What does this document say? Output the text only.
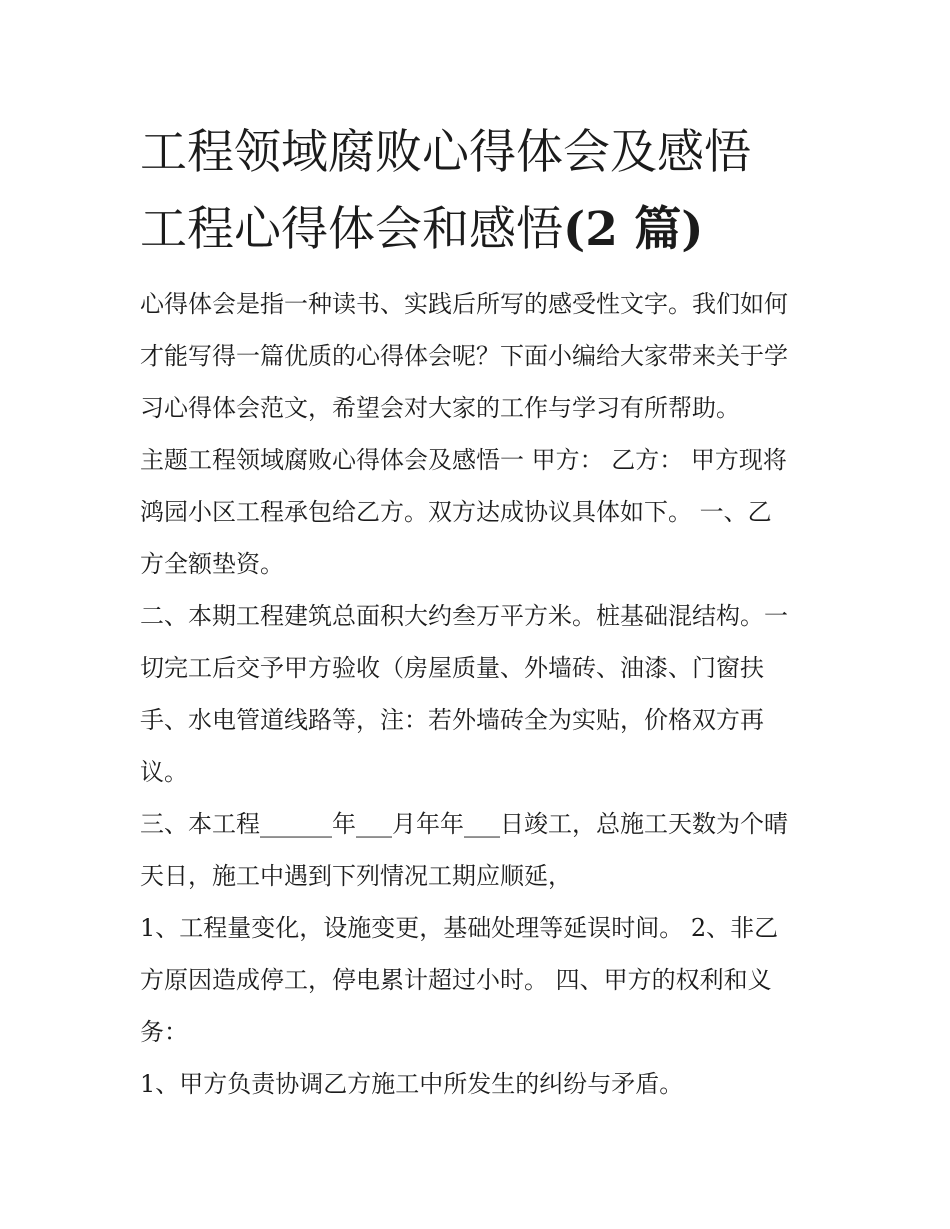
工程领域腐败心得体会及感悟
工程心得体会和感悟(2 篇)
心得体会是指一种读书、实践后所写的感受性文字。我们如何
才能写得一篇优质的心得体会呢？下面小编给大家带来关于学
习心得体会范文，希望会对大家的工作与学习有所帮助。
主题工程领域腐败心得体会及感悟一 甲方： 乙方： 甲方现将
鸿园小区工程承包给乙方。双方达成协议具体如下。 一、乙
方全额垫资。
二、本期工程建筑总面积大约叁万平方米。桩基础混结构。一
切完工后交予甲方验收（房屋质量、外墙砖、油漆、门窗扶
手、水电管道线路等，注：若外墙砖全为实贴，价格双方再
议。
三、本工程______年___月年年___日竣工，总施工天数为个晴
天日，施工中遇到下列情况工期应顺延，
1、工程量变化，设施变更，基础处理等延误时间。 2、非乙
方原因造成停工，停电累计超过小时。 四、甲方的权利和义
务：
1、甲方负责协调乙方施工中所发生的纠纷与矛盾。
